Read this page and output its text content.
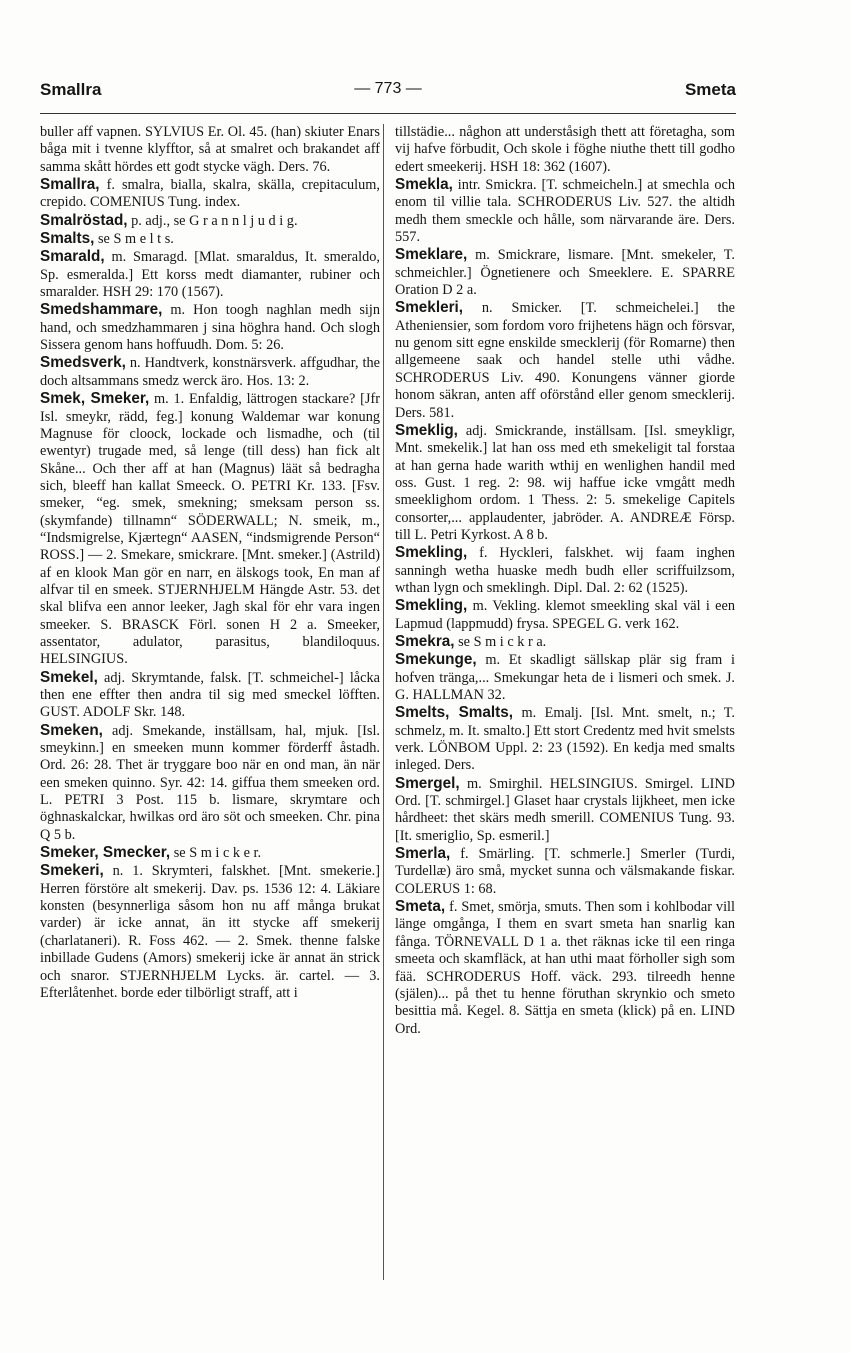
Smallra	— 773 —	Smeta

buller aff vapnen. SYLVIUS Er. Ol. 45. (han) skiuter Enars båga mit i tvenne klyfftor, så at smalret och brakandet aff samma skått hördes ett godt stycke vägh. Ders. 76.

Smallra, f. smalra, bialla, skalra, skälla, crepitaculum, crepido. COMENIUS Tung. index.

Smalröstad, p. adj., se G r a n n l j u d i g.

Smalts, se S m e l t s.

Smarald, m. Smaragd. [Mlat. smaraldus, It. smeraldo, Sp. esmeralda.] Ett korss medt diamanter, rubiner och smaralder. HSH 29: 170 (1567).

Smedshammare, m. Hon toogh naghlan medh sijn hand, och smedzhammaren j sina höghra hand. Och slogh Sissera genom hans hoffuudh. Dom. 5: 26.

Smedsverk, n. Handtverk, konstnärsverk. affgudhar, the doch altsammans smedz werck äro. Hos. 13: 2.

Smek, Smeker, m. 1. Enfaldig, lättrogen stackare? [Jfr Isl. smeykr, rädd, feg.] konung Waldemar war konung Magnuse för cloock, lockade och lismadhe, och (til ewentyr) trugade med, så lenge (till dess) han fick alt Skåne... Och ther aff at han (Magnus) läät så bedragha sich, bleeff han kallat Smeeck. O. PETRI Kr. 133. [Fsv. smeker, “eg. smek, smekning; smeksam person ss. (skymfande) tillnamn“ SÖDERWALL; N. smeik, m., “Indsmigrelse, Kjærtegn“ AASEN, “indsmigrende Person“ ROSS.] — 2. Smekare, smickrare. [Mnt. smeker.] (Astrild) af en klook Man gör en narr, en älskogs took, En man af alfvar til en smeek. STJERNHJELM Hängde Astr. 53. det skal blifva een annor leeker, Jagh skal för ehr vara ingen smeeker. S. BRASCK Förl. sonen H 2 a. Smeeker, assentator, adulator, parasitus, blandiloquus. HELSINGIUS.

Smekel, adj. Skrymtande, falsk. [T. schmeichel-] låcka then ene effter then andra til sig med smeckel löfften. GUST. ADOLF Skr. 148.

Smeken, adj. Smekande, inställsam, hal, mjuk. [Isl. smeykinn.] en smeeken munn kommer förderff åstadh. Ord. 26: 28. Thet är tryggare boo när en ond man, än när een smeken quinno. Syr. 42: 14. giffua them smeeken ord. L. PETRI 3 Post. 115 b. lismare, skrymtare och öghnaskalckar, hwilkas ord äro söt och smeeken. Chr. pina Q 5 b.

Smeker, Smecker, se S m i c k e r.

Smekeri, n. 1. Skrymteri, falskhet. [Mnt. smekerie.] Herren förstöre alt smekerij. Dav. ps. 1536 12: 4. Läkiare konsten (besynnerliga såsom hon nu aff många brukat varder) är icke annat, än itt stycke aff smekerij (charlataneri). R. Foss 462. — 2. Smek. thenne falske inbillade Gudens (Amors) smekerij icke är annat än strick och snaror. STJERNHJELM Lycks. är. cartel. — 3. Efterlåtenhet. borde eder tilbörligt straff, att i

tillstädie... någhon att underståsigh thett att företagha, som vij hafve förbudit, Och skole i föghe niuthe thett till godho edert smeekerij. HSH 18: 362 (1607).

Smekla, intr. Smickra. [T. schmeicheln.] at smechla och enom til villie tala. SCHRODERUS Liv. 527. the altidh medh them smeckle och hålle, som närvarande äre. Ders. 557.

Smeklare, m. Smickrare, lismare. [Mnt. smekeler, T. schmeichler.] Ögnetienere och Smeeklere. E. SPARRE Oration D 2 a.

Smekleri, n. Smicker. [T. schmeichelei.] the Atheniensier, som fordom voro frijhetens hägn och försvar, nu genom sitt egne enskilde smecklerij (för Romarne) then allgemeene saak och handel stelle uthi vådhe. SCHRODERUS Liv. 490. Konungens vänner giorde honom säkran, anten aff oförstånd eller genom smecklerij. Ders. 581.

Smeklig, adj. Smickrande, inställsam. [Isl. smeykligr, Mnt. smekelik.] lat han oss med eth smekeligit tal forstaa at han gerna hade warith wthij en wenlighen handil med oss. Gust. 1 reg. 2: 98. wij haffue icke vmgått medh smeeklighom ordom. 1 Thess. 2: 5. smekelige Capitels consorter,... applaudenter, jabröder. A. ANDREÆ Försp. till L. Petri Kyrkost. A 8 b.

Smekling, f. Hyckleri, falskhet. wij faam inghen sanningh wetha huaske medh budh eller scriffuilzsom, wthan lygn och smeklingh. Dipl. Dal. 2: 62 (1525).

Smekling, m. Vekling. klemot smeekling skal väl i een Lapmud (lappmudd) frysa. SPEGEL G. verk 162.

Smekra, se S m i c k r a.

Smekunge, m. Et skadligt sällskap plär sig fram i hofven tränga,... Smekungar heta de i lismeri och smek. J. G. HALLMAN 32.

Smelts, Smalts, m. Emalj. [Isl. Mnt. smelt, n.; T. schmelz, m. It. smalto.] Ett stort Credentz med hvit smelsts verk. LÖNBOM Uppl. 2: 23 (1592). En kedja med smalts inleged. Ders.

Smergel, m. Smirghil. HELSINGIUS. Smirgel. LIND Ord. [T. schmirgel.] Glaset haar crystals lijkheet, men icke hårdheet: thet skärs medh smerill. COMENIUS Tung. 93. [It. smeriglio, Sp. esmeril.]

Smerla, f. Smärling. [T. schmerle.] Smerler (Turdi, Turdellæ) äro små, mycket sunna och välsmakande fiskar. COLERUS 1: 68.

Smeta, f. Smet, smörja, smuts. Then som i kohlbodar vill länge omgånga, I them en svart smeta han snarlig kan fånga. TÖRNEVALL D 1 a. thet räknas icke til een ringa smeeta och skamfläck, at han uthi maat förholler sigh som fää. SCHRODERUS Hoff. väck. 293. tilreedh henne (själen)... på thet tu henne föruthan skrynkio och smeto besittia må. Kegel. 8. Sättja en smeta (klick) på en. LIND Ord.
